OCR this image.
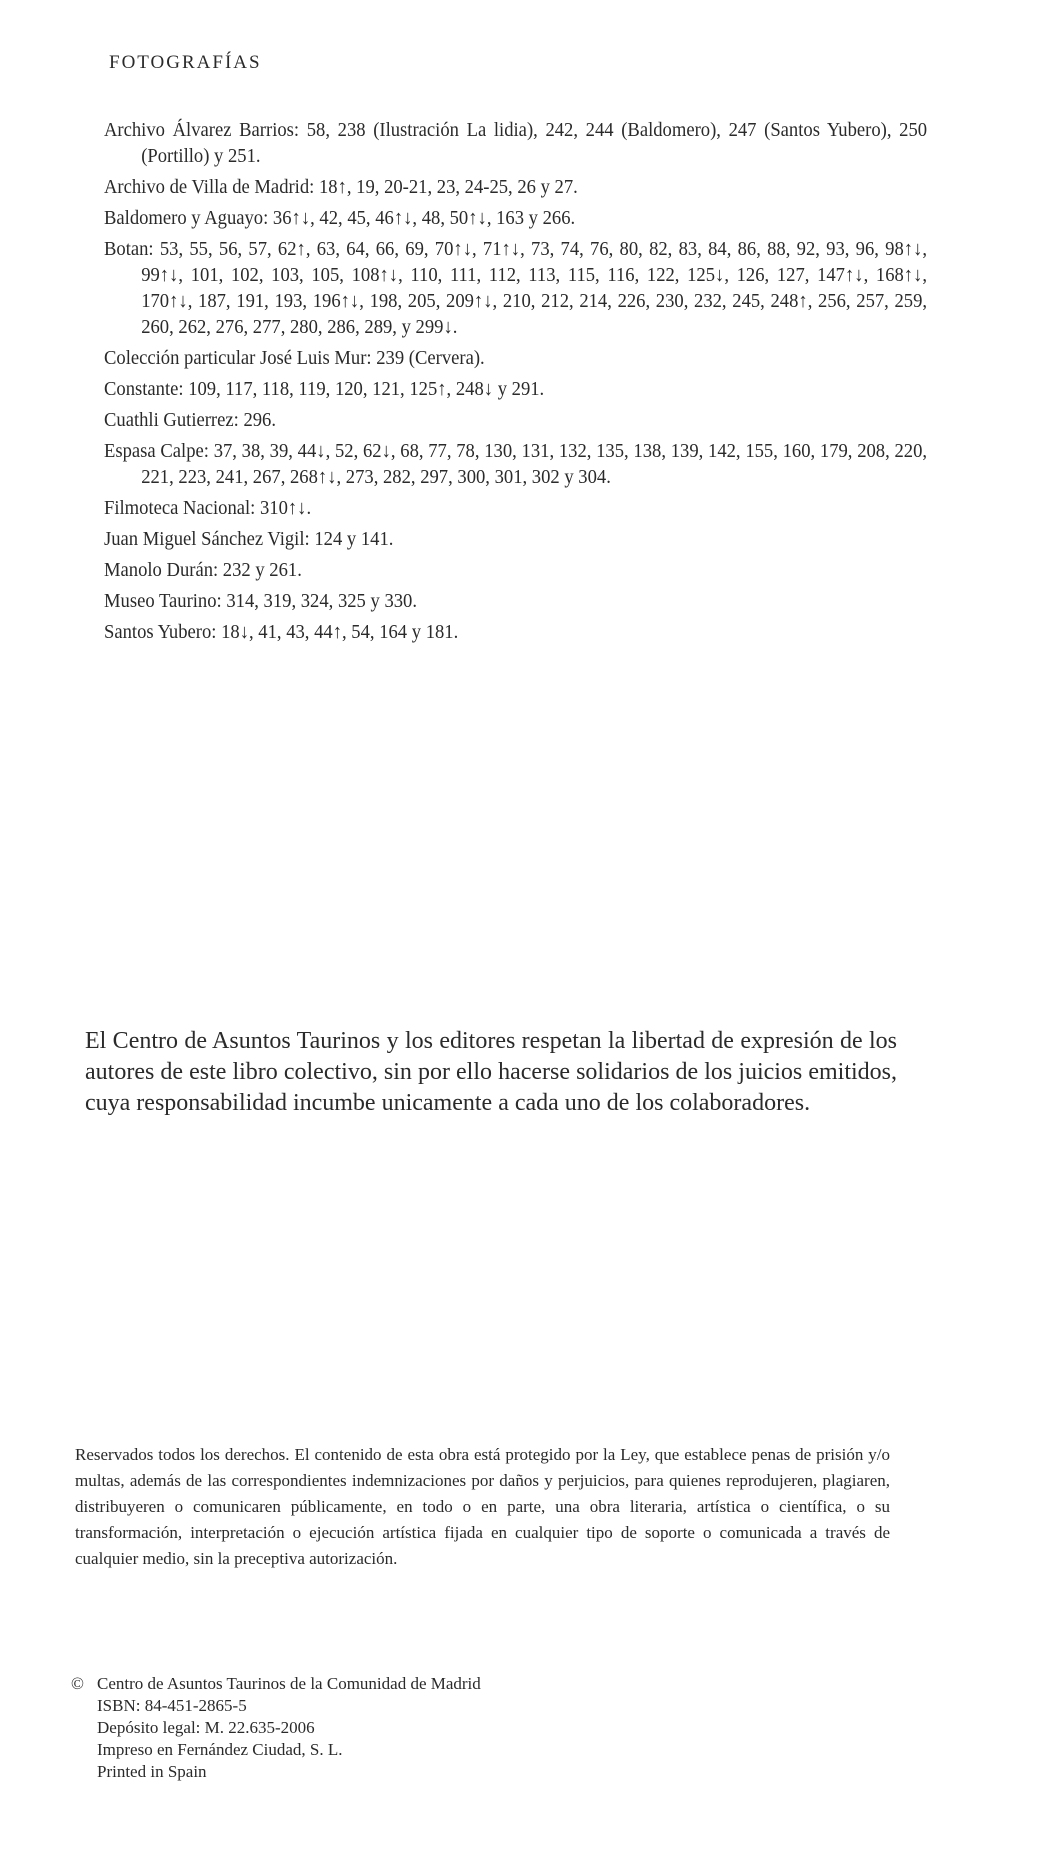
FOTOGRAFÍAS
Archivo Álvarez Barrios: 58, 238 (Ilustración La lidia), 242, 244 (Baldomero), 247 (Santos Yubero), 250 (Portillo) y 251.
Archivo de Villa de Madrid: 18↑, 19, 20-21, 23, 24-25, 26 y 27.
Baldomero y Aguayo: 36↑↓, 42, 45, 46↑↓, 48, 50↑↓, 163 y 266.
Botan: 53, 55, 56, 57, 62↑, 63, 64, 66, 69, 70↑↓, 71↑↓, 73, 74, 76, 80, 82, 83, 84, 86, 88, 92, 93, 96, 98↑↓, 99↑↓, 101, 102, 103, 105, 108↑↓, 110, 111, 112, 113, 115, 116, 122, 125↓, 126, 127, 147↑↓, 168↑↓, 170↑↓, 187, 191, 193, 196↑↓, 198, 205, 209↑↓, 210, 212, 214, 226, 230, 232, 245, 248↑, 256, 257, 259, 260, 262, 276, 277, 280, 286, 289, y 299↓.
Colección particular José Luis Mur: 239 (Cervera).
Constante: 109, 117, 118, 119, 120, 121, 125↑, 248↓ y 291.
Cuathli Gutierrez: 296.
Espasa Calpe: 37, 38, 39, 44↓, 52, 62↓, 68, 77, 78, 130, 131, 132, 135, 138, 139, 142, 155, 160, 179, 208, 220, 221, 223, 241, 267, 268↑↓, 273, 282, 297, 300, 301, 302 y 304.
Filmoteca Nacional: 310↑↓.
Juan Miguel Sánchez Vigil: 124 y 141.
Manolo Durán: 232 y 261.
Museo Taurino: 314, 319, 324, 325 y 330.
Santos Yubero: 18↓, 41, 43, 44↑, 54, 164 y 181.

El Centro de Asuntos Taurinos y los editores respetan la libertad de expresión de los autores de este libro colectivo, sin por ello hacerse solidarios de los juicios emitidos, cuya responsabilidad incumbe unicamente a cada uno de los colaboradores.

Reservados todos los derechos. El contenido de esta obra está protegido por la Ley, que establece penas de prisión y/o multas, además de las correspondientes indemnizaciones por daños y perjuicios, para quienes reprodujeren, plagiaren, distribuyeren o comunicaren públicamente, en todo o en parte, una obra literaria, artística o científica, o su transformación, interpretación o ejecución artística fijada en cualquier tipo de soporte o comunicada a través de cualquier medio, sin la preceptiva autorización.

© Centro de Asuntos Taurinos de la Comunidad de Madrid
ISBN: 84-451-2865-5
Depósito legal: M. 22.635-2006
Impreso en Fernández Ciudad, S. L.
Printed in Spain
